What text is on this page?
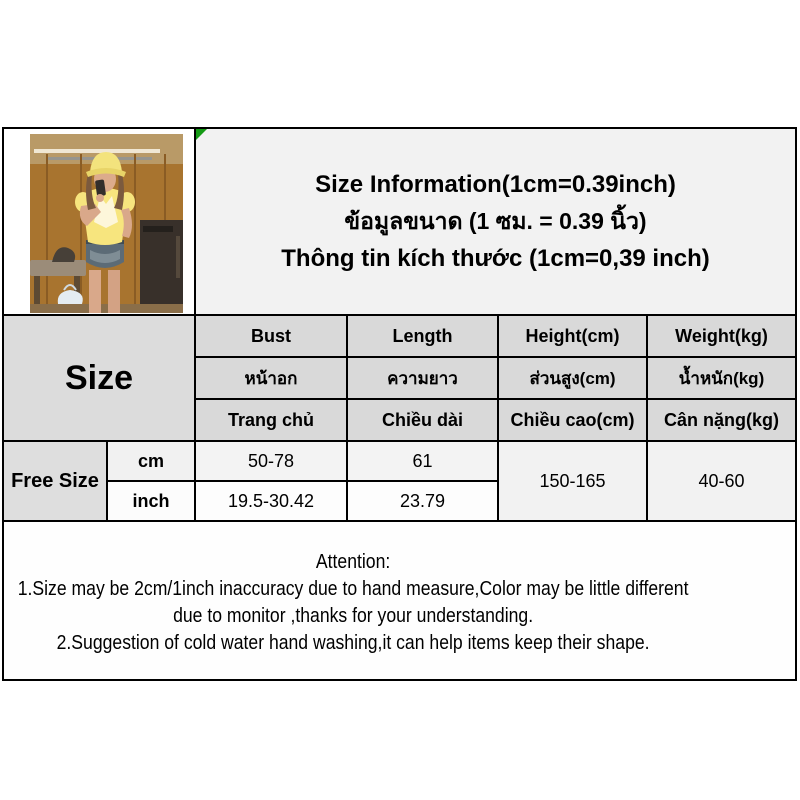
Size Information(1cm=0.39inch)
ข้อมูลขนาด (1 ซม. = 0.39 นิ้ว)
Thông tin kích thước (1cm=0,39 inch)			

Size		Bust	Length	Height(cm)	Weight(kg)
		หน้าอก	ความยาว	ส่วนสูง(cm)	น้ำหนัก(kg)
		Trang chủ	Chiều dài	Chiều cao(cm)	Cân nặng(kg)
Free Size	cm	50-78	61	150-165	40-60
	inch	19.5-30.42	23.79		

Attention:
1.Size may be 2cm/1inch inaccuracy due to hand measure,Color may be little different
due to monitor ,thanks for your understanding.
2.Suggestion of cold water hand washing,it can help items keep their shape.					
